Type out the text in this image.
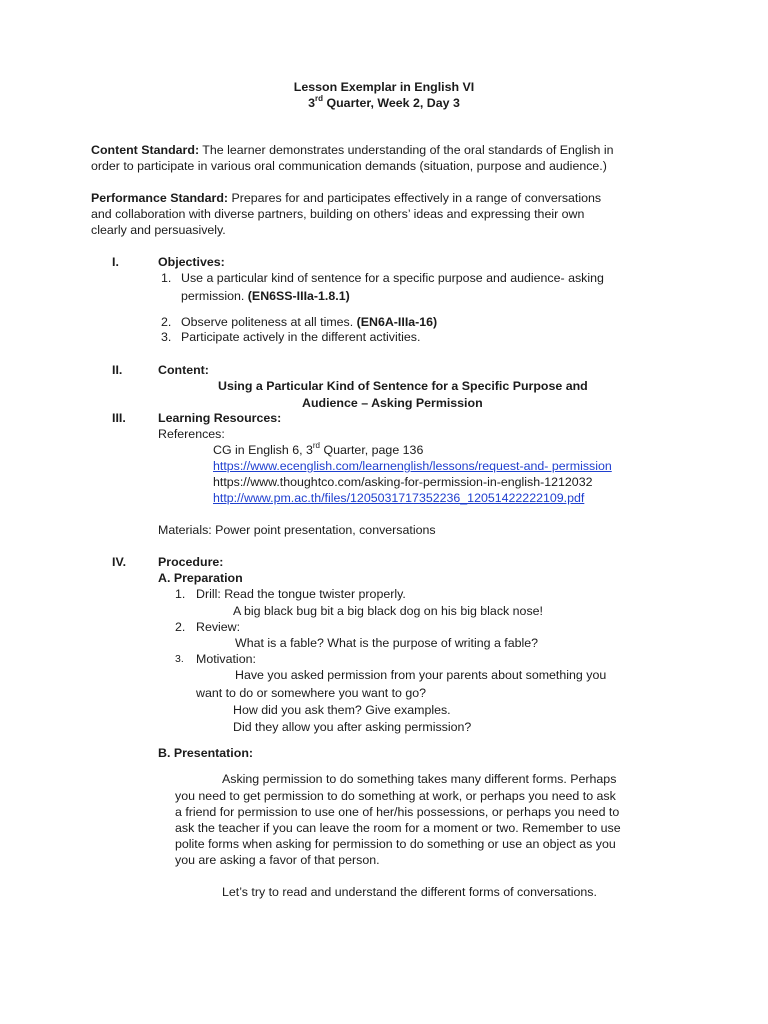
Lesson Exemplar in English VI
3rd Quarter, Week 2, Day 3
Content Standard: The learner demonstrates understanding of the oral standards of English in
order to participate in various oral communication demands (situation, purpose and audience.)
Performance Standard: Prepares for and participates effectively in a range of conversations
and collaboration with diverse partners, building on others’ ideas and expressing their own
clearly and persuasively.
I.	Objectives:
1. Use a particular kind of sentence for a specific purpose and audience- asking
permission. (EN6SS-IIIa-1.8.1)
2. Observe politeness at all times. (EN6A-IIIa-16)
3. Participate actively in the different activities.
II.	Content:
Using a Particular Kind of Sentence for a Specific Purpose and
Audience – Asking Permission
III.	Learning Resources:
References:
CG in English 6, 3rd Quarter, page 136
https://www.ecenglish.com/learnenglish/lessons/request-and- permission
https://www.thoughtco.com/asking-for-permission-in-english-1212032
http://www.pm.ac.th/files/1205031717352236_12051422222109.pdf
Materials: Power point presentation, conversations
IV.	Procedure:
A. Preparation
1. Drill: Read the tongue twister properly.
A big black bug bit a big black dog on his big black nose!
2. Review:
What is a fable? What is the purpose of writing a fable?
3. Motivation:
Have you asked permission from your parents about something you
want to do or somewhere you want to go?
How did you ask them? Give examples.
Did they allow you after asking permission?
B. Presentation:
Asking permission to do something takes many different forms. Perhaps
you need to get permission to do something at work, or perhaps you need to ask
a friend for permission to use one of her/his possessions, or perhaps you need to
ask the teacher if you can leave the room for a moment or two. Remember to use
polite forms when asking for permission to do something or use an object as you
you are asking a favor of that person.
Let’s try to read and understand the different forms of conversations.
